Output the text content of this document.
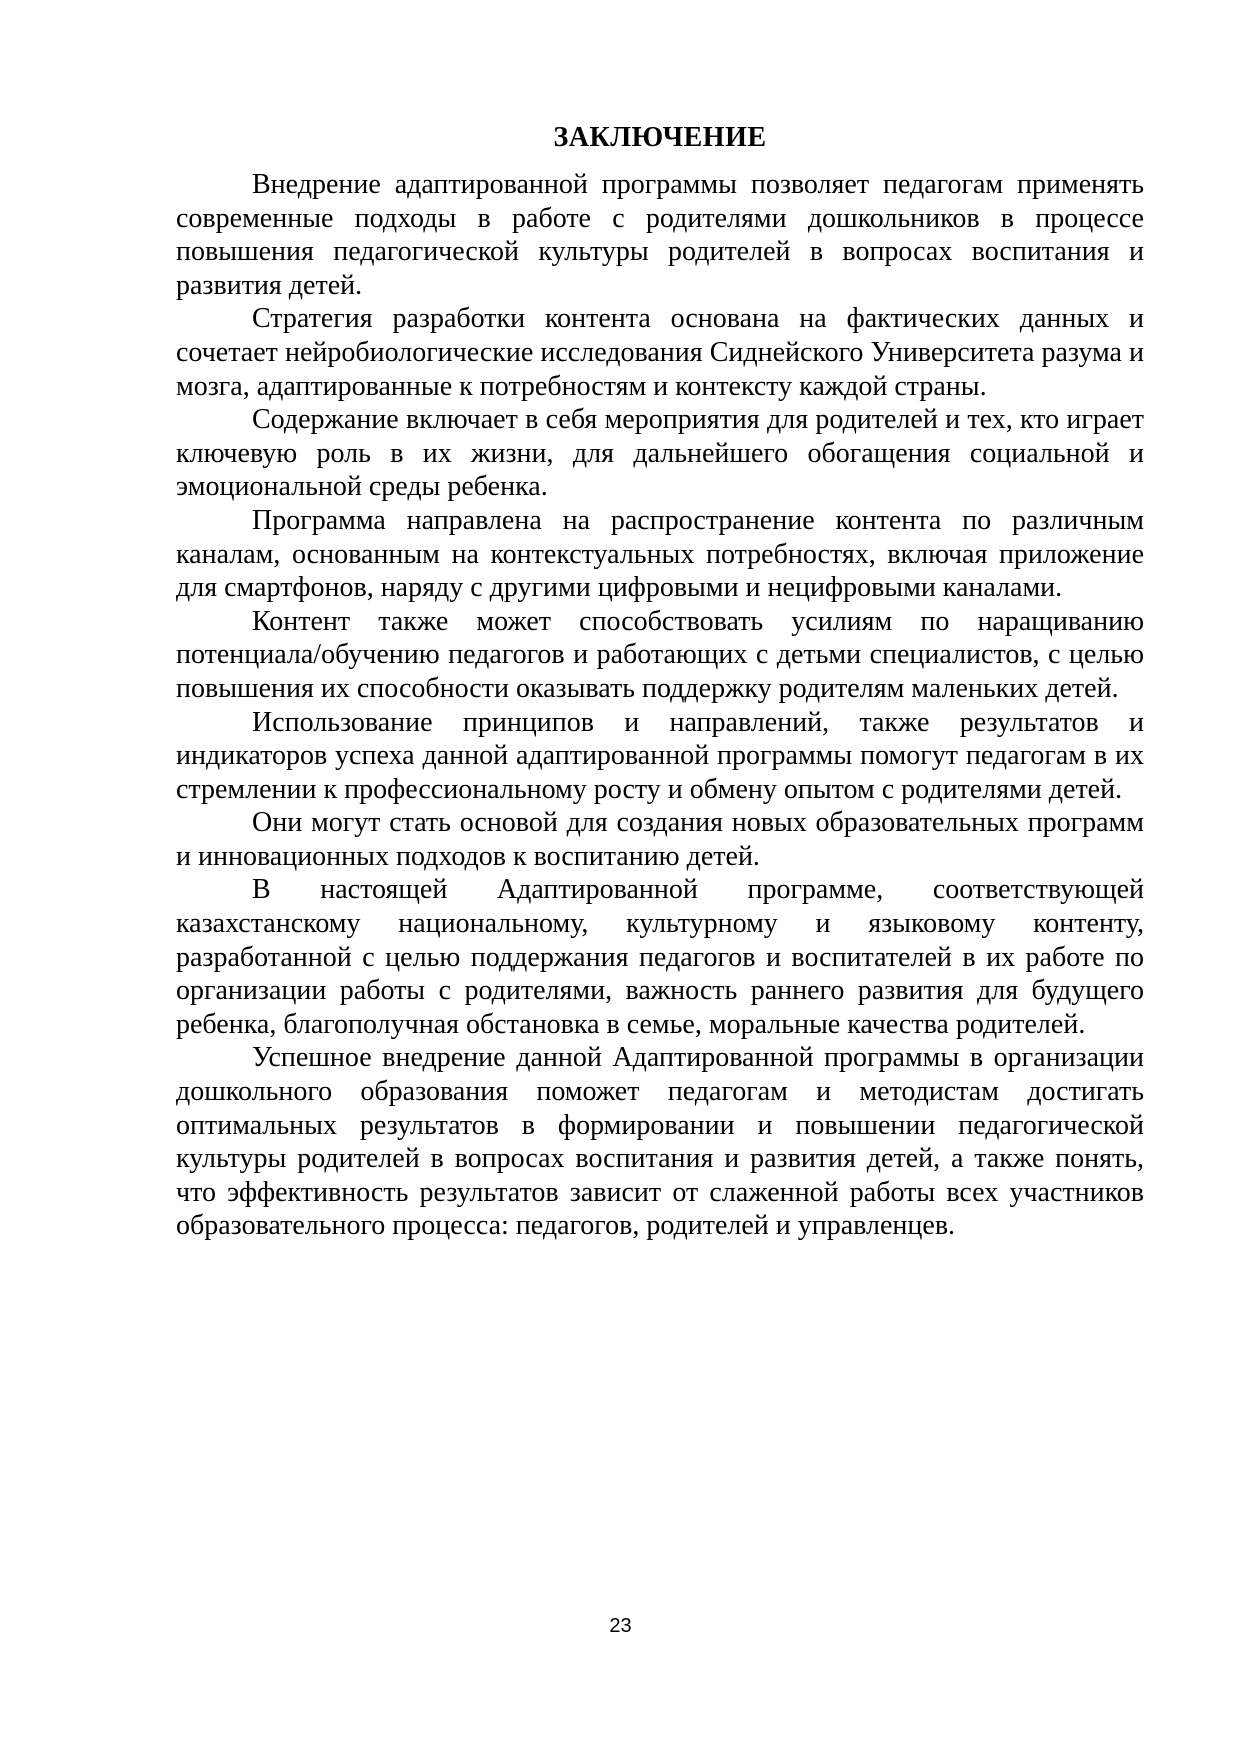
ЗАКЛЮЧЕНИЕ

Внедрение адаптированной программы позволяет педагогам применять современные подходы в работе с родителями дошкольников в процессе повышения педагогической культуры родителей в вопросах воспитания и развития детей.

Стратегия разработки контента основана на фактических данных и сочетает нейробиологические исследования Сиднейского Университета разума и мозга, адаптированные к потребностям и контексту каждой страны.

Содержание включает в себя мероприятия для родителей и тех, кто играет ключевую роль в их жизни, для дальнейшего обогащения социальной и эмоциональной среды ребенка.

Программа направлена на распространение контента по различным каналам, основанным на контекстуальных потребностях, включая приложение для смартфонов, наряду с другими цифровыми и нецифровыми каналами.

Контент также может способствовать усилиям по наращиванию потенциала/обучению педагогов и работающих с детьми специалистов, с целью повышения их способности оказывать поддержку родителям маленьких детей.

Использование принципов и направлений, также результатов и индикаторов успеха данной адаптированной программы помогут педагогам в их стремлении к профессиональному росту и обмену опытом с родителями детей.

Они могут стать основой для создания новых образовательных программ и инновационных подходов к воспитанию детей.

В настоящей Адаптированной программе, соответствующей казахстанскому национальному, культурному и языковому контенту, разработанной с целью поддержания педагогов и воспитателей в их работе по организации работы с родителями, важность раннего развития для будущего ребенка, благополучная обстановка в семье, моральные качества родителей.

Успешное внедрение данной Адаптированной программы в организации дошкольного образования поможет педагогам и методистам достигать оптимальных результатов в формировании и повышении педагогической культуры родителей в вопросах воспитания и развития детей, а также понять, что эффективность результатов зависит от слаженной работы всех участников образовательного процесса: педагогов, родителей и управленцев.

23
